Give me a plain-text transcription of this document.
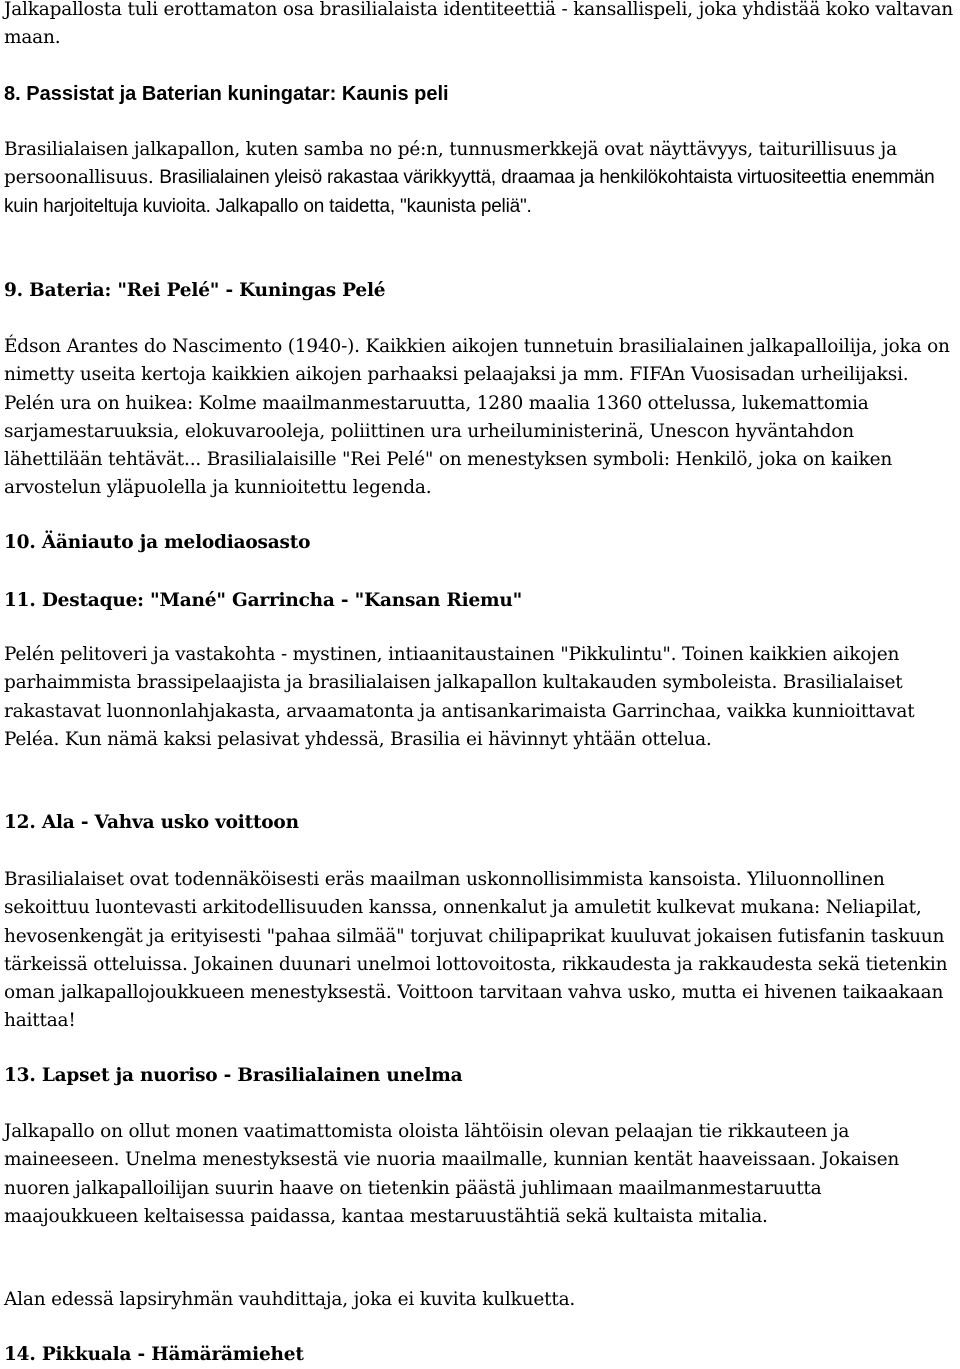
Jalkapallosta tuli erottamaton osa brasilialaista identiteettiä - kansallispeli, joka yhdistää koko valtavan maan.

8. Passistat ja Baterian kuningatar: Kaunis peli

Brasilialaisen jalkapallon, kuten samba no pé:n, tunnusmerkkejä ovat näyttävyys, taiturillisuus ja persoonallisuus. Brasilialainen yleisö rakastaa värikkyyttä, draamaa ja henkilökohtaista virtuositeettia enemmän kuin harjoiteltuja kuvioita. Jalkapallo on taidetta, "kaunista peliä".

9. Bateria: "Rei Pelé" - Kuningas Pelé

Édson Arantes do Nascimento (1940-). Kaikkien aikojen tunnetuin brasilialainen jalkapalloilija, joka on nimetty useita kertoja kaikkien aikojen parhaaksi pelaajaksi ja mm. FIFAn Vuosisadan urheilijaksi. Pelén ura on huikea: Kolme maailmanmestaruutta, 1280 maalia 1360 ottelussa, lukemattomia sarjamestaruuksia, elokuvarooleja, poliittinen ura urheiluministerinä, Unescon hyväntahdon lähettilään tehtävät... Brasilialaisille "Rei Pelé" on menestyksen symboli: Henkilö, joka on kaiken arvostelun yläpuolella ja kunnioitettu legenda.

10. Ääniauto ja melodiaosasto

11. Destaque: "Mané" Garrincha - "Kansan Riemu"

Pelén pelitoveri ja vastakohta - mystinen, intiaanitaustainen "Pikkulintu". Toinen kaikkien aikojen parhaimmista brassipelaajista ja brasilialaisen jalkapallon kultakauden symboleista. Brasilialaiset rakastavat luonnonlahjakasta, arvaamatonta ja antisankarimaista Garrinchaa, vaikka kunnioittavat Peléa. Kun nämä kaksi pelasivat yhdessä, Brasilia ei hävinnyt yhtään ottelua.

12. Ala - Vahva usko voittoon

Brasilialaiset ovat todennäköisesti eräs maailman uskonnollisimmista kansoista. Yliluonnollinen sekoittuu luontevasti arkitodellisuuden kanssa, onnenkalut ja amuletit kulkevat mukana: Neliapilat, hevosenkengät ja erityisesti "pahaa silmää" torjuvat chilipaprikat kuuluvat jokaisen futisfanin taskuun tärkeissä otteluissa. Jokainen duunari unelmoi lottovoitosta, rikkaudesta ja rakkaudesta sekä tietenkin oman jalkapallojoukkueen menestyksestä. Voittoon tarvitaan vahva usko, mutta ei hivenen taikaakaan haittaa!

13. Lapset ja nuoriso - Brasilialainen unelma

Jalkapallo on ollut monen vaatimattomista oloista lähtöisin olevan pelaajan tie rikkauteen ja maineeseen. Unelma menestyksestä vie nuoria maailmalle, kunnian kentät haaveissaan. Jokaisen nuoren jalkapalloilijan suurin haave on tietenkin päästä juhlimaan maailmanmestaruutta maajoukkueen keltaisessa paidassa, kantaa mestaruustähtiä sekä kultaista mitalia.

Alan edessä lapsiryhmän vauhdittaja, joka ei kuvita kulkuetta.

14. Pikkuala - Hämärämiehet
